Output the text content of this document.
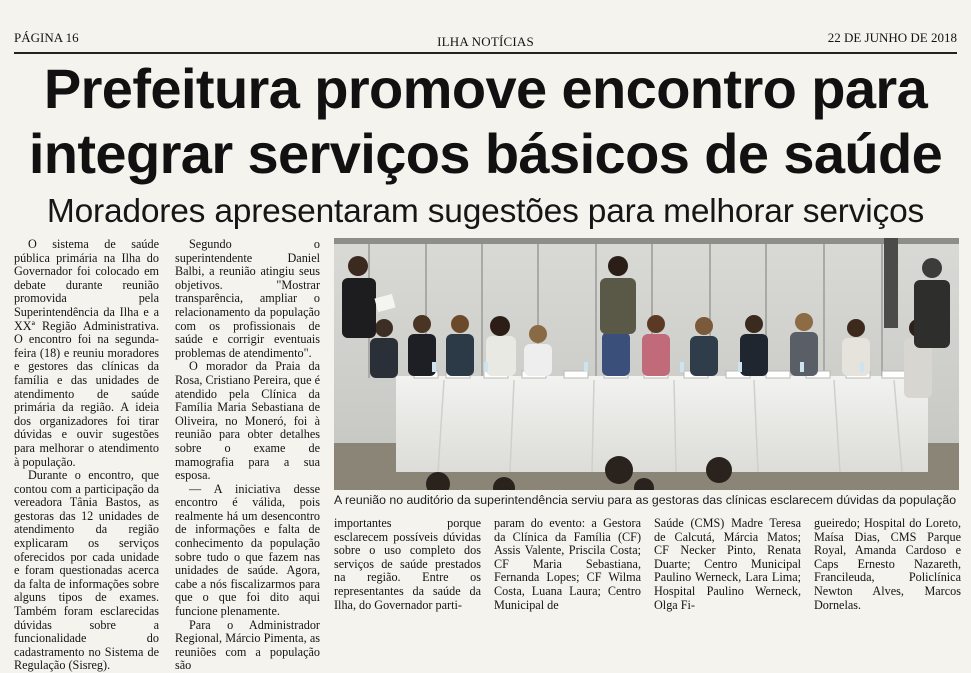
PÁGINA 16	ILHA NOTÍCIAS	22 DE JUNHO DE 2018
Prefeitura promove encontro para
integrar serviços básicos de saúde
Moradores apresentaram sugestões para melhorar serviços

O sistema de saúde pública primária na Ilha do Governador foi colocado em debate durante reunião promovida pela Superintendência da Ilha e a XXª Região Administrativa. O encontro foi na segunda-feira (18) e reuniu moradores e gestores das clínicas da família e das unidades de atendimento de saúde primária da região. A ideia dos organizadores foi tirar dúvidas e ouvir sugestões para melhorar o atendimento à população.

Durante o encontro, que contou com a participação da vereadora Tânia Bastos, as gestoras das 12 unidades de atendimento da região explicaram os serviços oferecidos por cada unidade e foram questionadas acerca da falta de informações sobre alguns tipos de exames. Também foram esclarecidas dúvidas sobre a funcionalidade do cadastramento no Sistema de Regulação (Sisreg).

Segundo o superintendente Daniel Balbi, a reunião atingiu seus objetivos. "Mostrar transparência, ampliar o relacionamento da população com os profissionais de saúde e corrigir eventuais problemas de atendimento".

O morador da Praia da Rosa, Cristiano Pereira, que é atendido pela Clínica da Família Maria Sebastiana de Oliveira, no Moneró, foi à reunião para obter detalhes sobre o exame de mamografia para a sua esposa.

— A iniciativa desse encontro é válida, pois realmente há um desencontro de informações e falta de conhecimento da população sobre tudo o que fazem nas unidades de saúde. Agora, cabe a nós fiscalizarmos para que o que foi dito aqui funcione plenamente.

Para o Administrador Regional, Márcio Pimenta, as reuniões com a população são

A reunião no auditório da superintendência serviu para as gestoras das clínicas esclarecem dúvidas da população

importantes porque esclarecem possíveis dúvidas sobre o uso completo dos serviços de saúde prestados na região. Entre os representantes da saúde da Ilha, do Governador parti-

param do evento: a Gestora da Clínica da Família (CF) Assis Valente, Priscila Costa; CF Maria Sebastiana, Fernanda Lopes; CF Wilma Costa, Luana Laura; Centro Municipal de

Saúde (CMS) Madre Teresa de Calcutá, Márcia Matos; CF Necker Pinto, Renata Duarte; Centro Municipal Paulino Werneck, Lara Lima; Hospital Paulino Werneck, Olga Fi-

gueiredo; Hospital do Loreto, Maísa Dias, CMS Parque Royal, Amanda Cardoso e Caps Ernesto Nazareth, Francileuda, Policlínica Newton Alves, Marcos Dornelas.
